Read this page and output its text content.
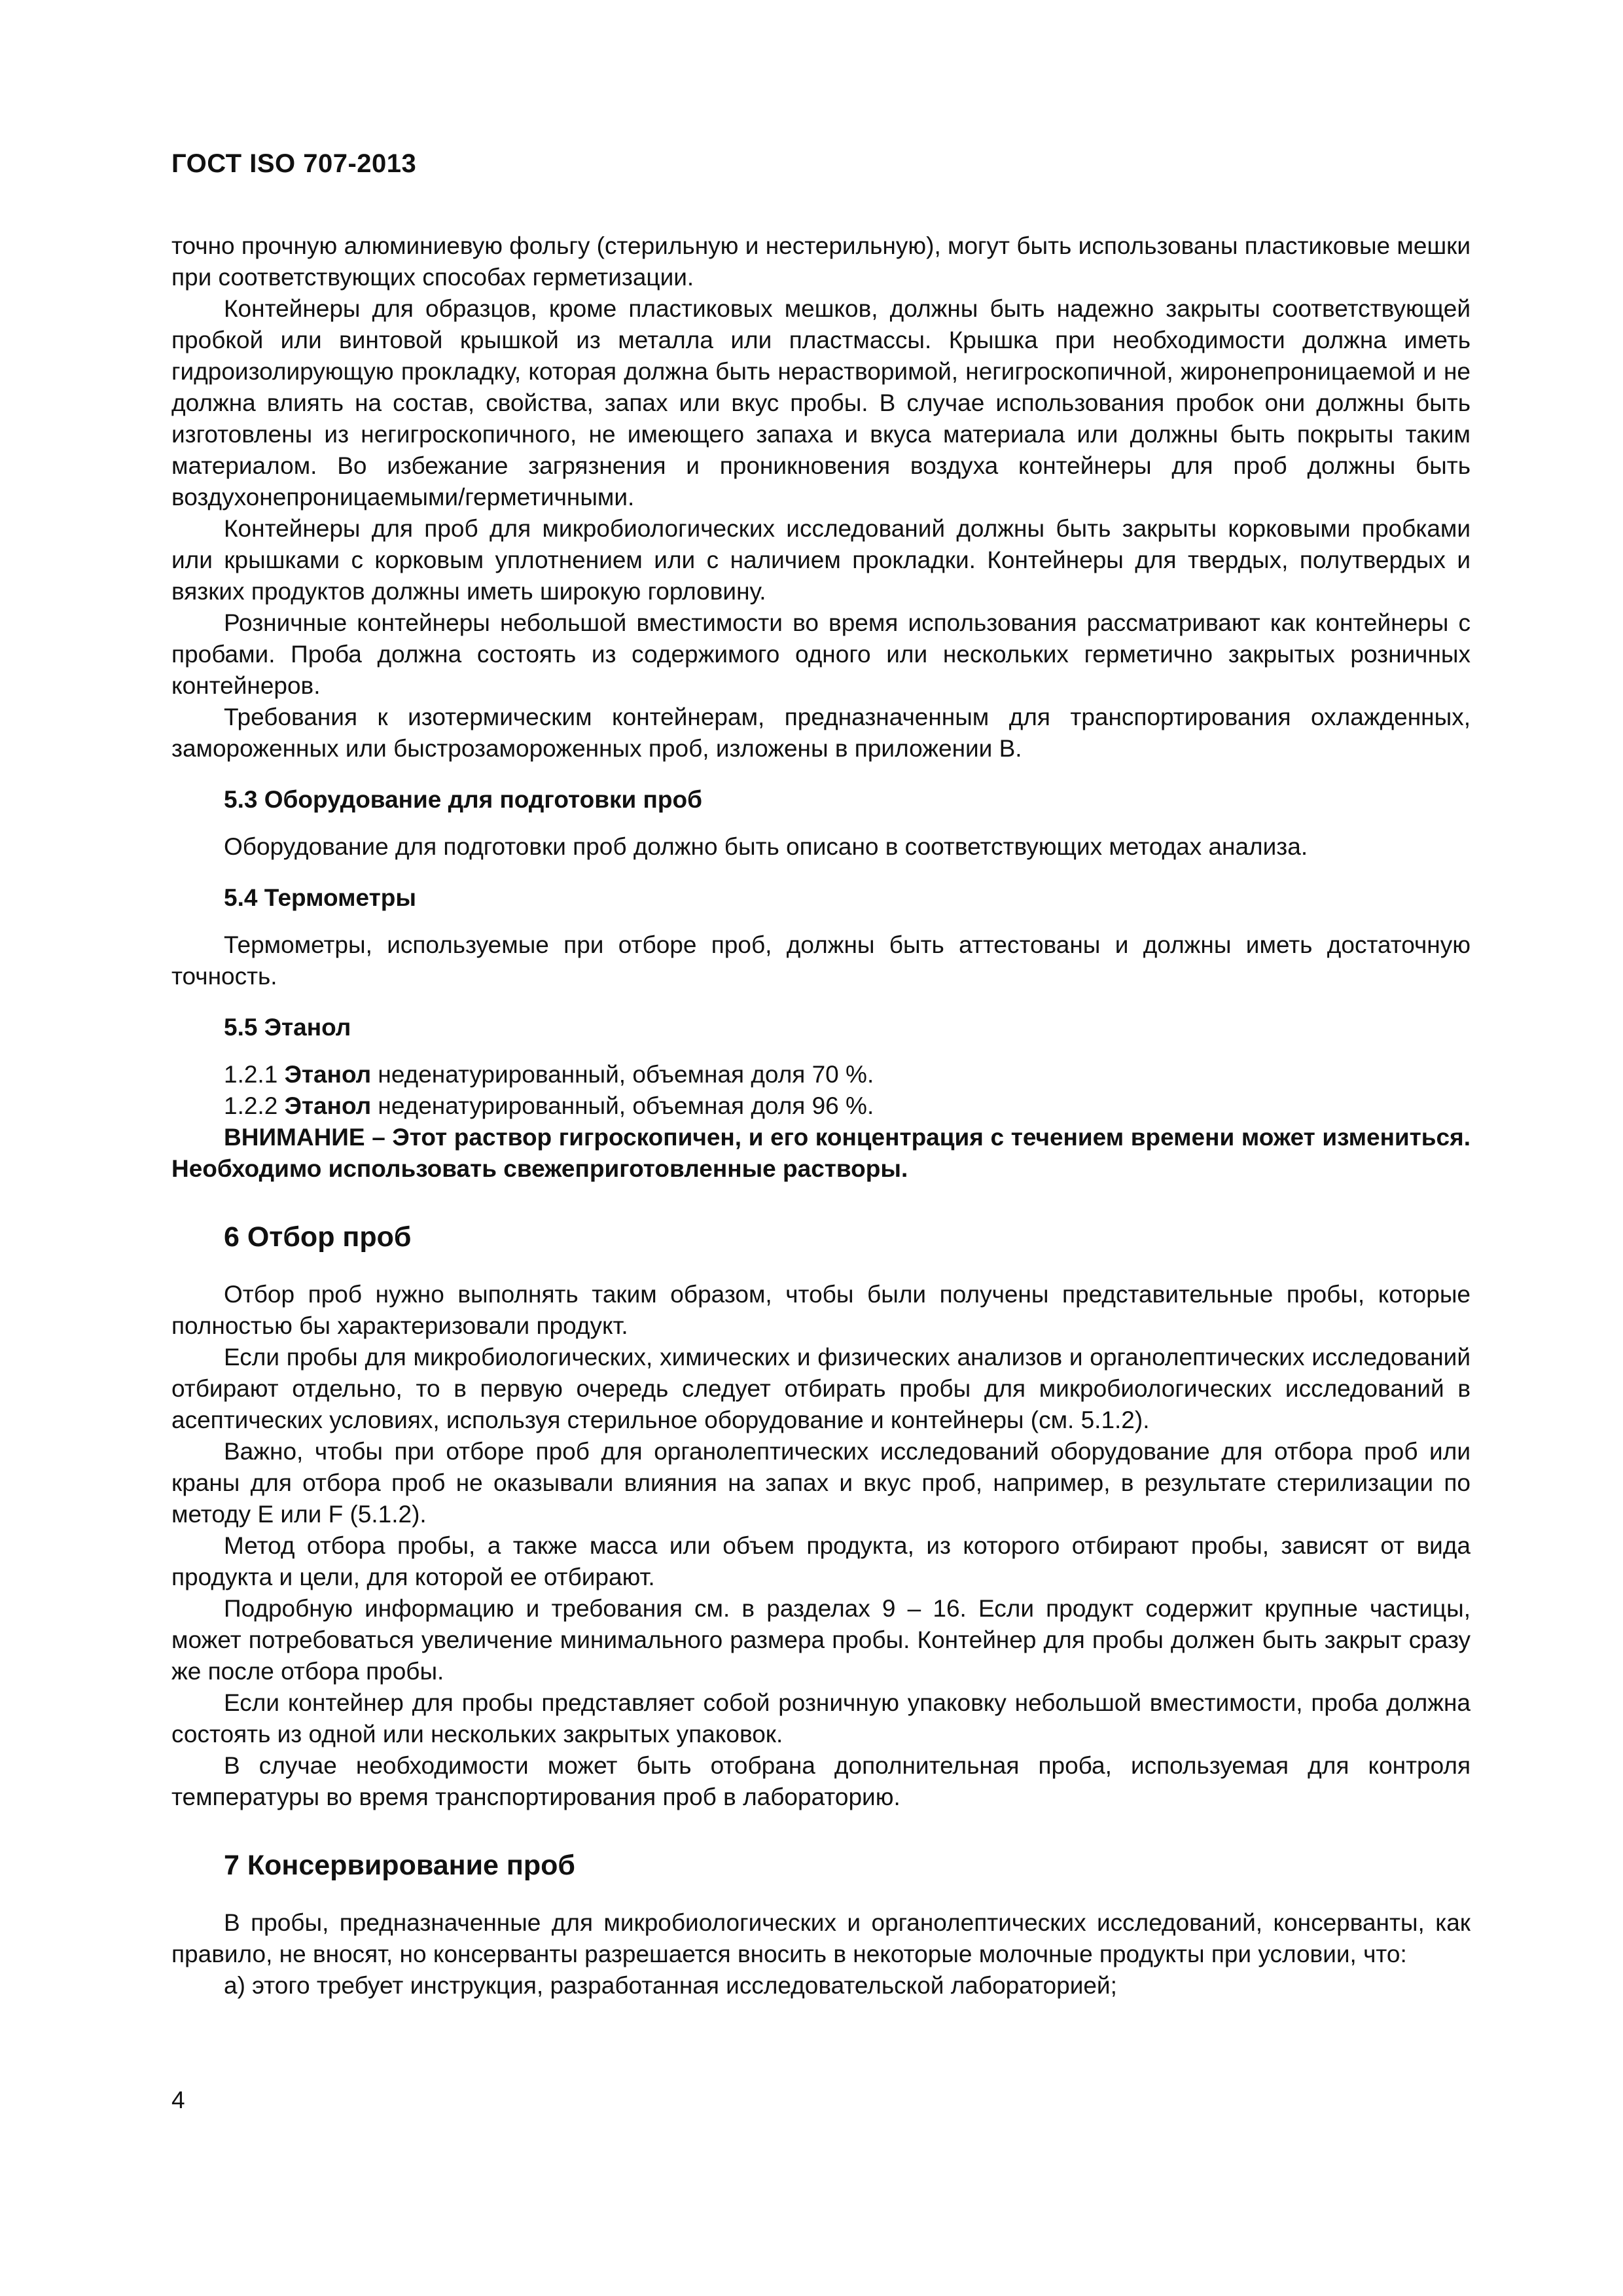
ГОСТ ISO 707-2013

точно прочную алюминиевую фольгу (стерильную и нестерильную), могут быть использованы пластиковые мешки при соответствующих способах герметизации.

Контейнеры для образцов, кроме пластиковых мешков, должны быть надежно закрыты соответствующей пробкой или винтовой крышкой из металла или пластмассы. Крышка при необходимости должна иметь гидроизолирующую прокладку, которая должна быть нерастворимой, негигроскопичной, жиронепроницаемой и не должна влиять на состав, свойства, запах или вкус пробы. В случае использования пробок они должны быть изготовлены из негигроскопичного, не имеющего запаха и вкуса материала или должны быть покрыты таким материалом. Во избежание загрязнения и проникновения воздуха контейнеры для проб должны быть воздухонепроницаемыми/герметичными.

Контейнеры для проб для микробиологических исследований должны быть закрыты корковыми пробками или крышками с корковым уплотнением или с наличием прокладки. Контейнеры для твердых, полутвердых и вязких продуктов должны иметь широкую горловину.

Розничные контейнеры небольшой вместимости во время использования рассматривают как контейнеры с пробами. Проба должна состоять из содержимого одного или нескольких герметично закрытых розничных контейнеров.

Требования к изотермическим контейнерам, предназначенным для транспортирования охлажденных, замороженных или быстрозамороженных проб, изложены в приложении В.

5.3 Оборудование для подготовки проб

Оборудование для подготовки проб должно быть описано в соответствующих методах анализа.

5.4 Термометры

Термометры, используемые при отборе проб, должны быть аттестованы и должны иметь достаточную точность.

5.5 Этанол

1.2.1 Этанол неденатурированный, объемная доля 70 %.

1.2.2 Этанол неденатурированный, объемная доля 96 %.

ВНИМАНИЕ – Этот раствор гигроскопичен, и его концентрация с течением времени может измениться. Необходимо использовать свежеприготовленные растворы.

6 Отбор проб

Отбор проб нужно выполнять таким образом, чтобы были получены представительные пробы, которые полностью бы характеризовали продукт.

Если пробы для микробиологических, химических и физических анализов и органолептических исследований отбирают отдельно, то в первую очередь следует отбирать пробы для микробиологических исследований в асептических условиях, используя стерильное оборудование и контейнеры (см. 5.1.2).

Важно, чтобы при отборе проб для органолептических исследований оборудование для отбора проб или краны для отбора проб не оказывали влияния на запах и вкус проб, например, в результате стерилизации по методу Е или F (5.1.2).

Метод отбора пробы, а также масса или объем продукта, из которого отбирают пробы, зависят от вида продукта и цели, для которой ее отбирают.

Подробную информацию и требования см. в разделах 9 – 16. Если продукт содержит крупные частицы, может потребоваться увеличение минимального размера пробы. Контейнер для пробы должен быть закрыт сразу же после отбора пробы.

Если контейнер для пробы представляет собой розничную упаковку небольшой вместимости, проба должна состоять из одной или нескольких закрытых упаковок.

В случае необходимости может быть отобрана дополнительная проба, используемая для контроля температуры во время транспортирования проб в лабораторию.

7 Консервирование проб

В пробы, предназначенные для микробиологических и органолептических исследований, консерванты, как правило, не вносят, но консерванты разрешается вносить в некоторые молочные продукты при условии, что:

а) этого требует инструкция, разработанная исследовательской лабораторией;

4
